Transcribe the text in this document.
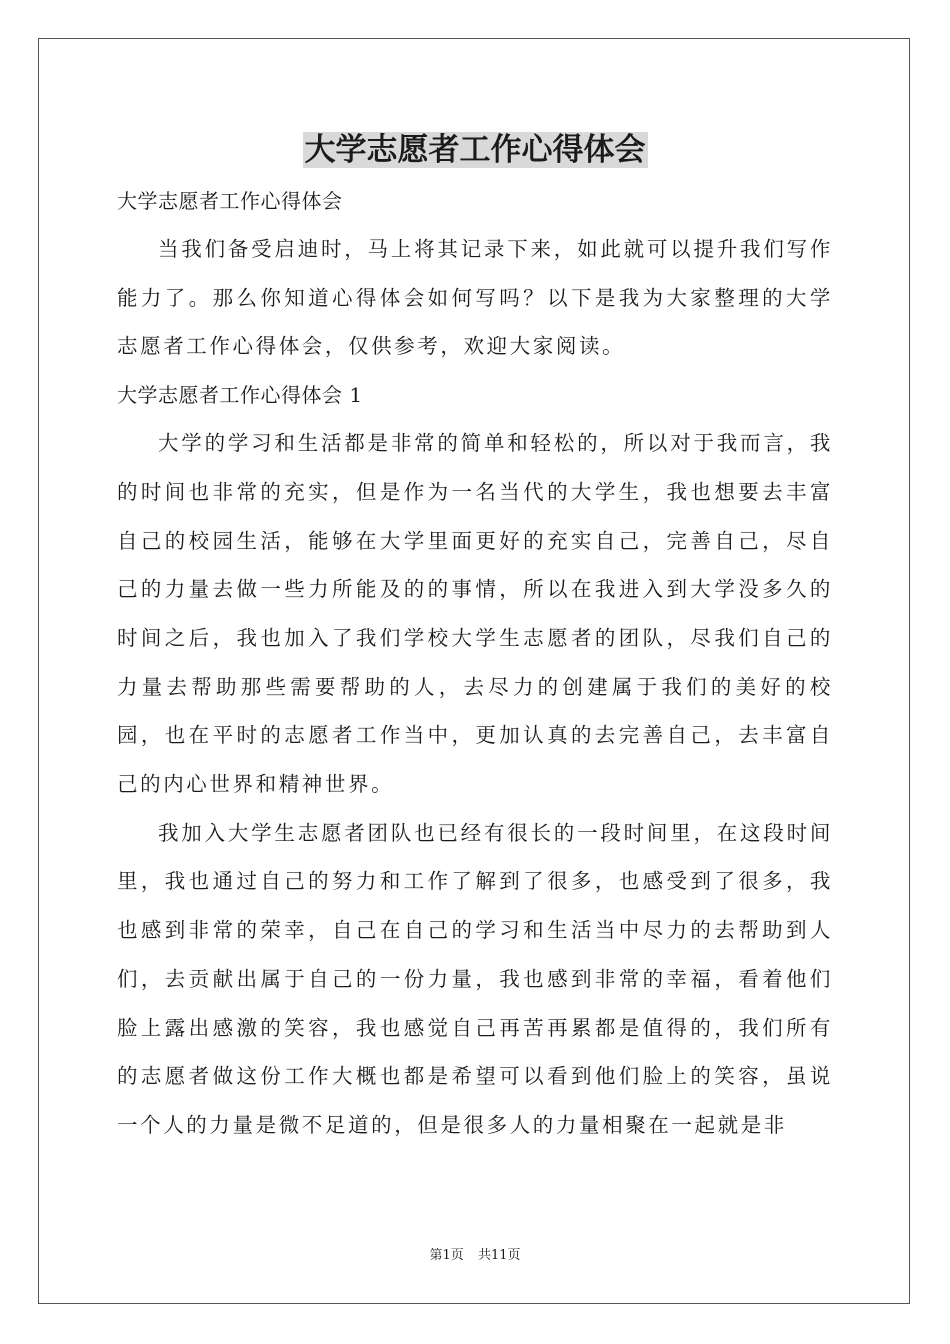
大学志愿者工作心得体会
大学志愿者工作心得体会

当我们备受启迪时，马上将其记录下来，如此就可以提升我们写作能力了。那么你知道心得体会如何写吗？以下是我为大家整理的大学志愿者工作心得体会，仅供参考，欢迎大家阅读。

大学志愿者工作心得体会 1

大学的学习和生活都是非常的简单和轻松的，所以对于我而言，我的时间也非常的充实，但是作为一名当代的大学生，我也想要去丰富自己的校园生活，能够在大学里面更好的充实自己，完善自己，尽自己的力量去做一些力所能及的的事情，所以在我进入到大学没多久的时间之后，我也加入了我们学校大学生志愿者的团队，尽我们自己的力量去帮助那些需要帮助的人，去尽力的创建属于我们的美好的校园，也在平时的志愿者工作当中，更加认真的去完善自己，去丰富自己的内心世界和精神世界。

我加入大学生志愿者团队也已经有很长的一段时间里，在这段时间里，我也通过自己的努力和工作了解到了很多，也感受到了很多，我也感到非常的荣幸，自己在自己的学习和生活当中尽力的去帮助到人们，去贡献出属于自己的一份力量，我也感到非常的幸福，看着他们脸上露出感激的笑容，我也感觉自己再苦再累都是值得的，我们所有的志愿者做这份工作大概也都是希望可以看到他们脸上的笑容，虽说一个人的力量是微不足道的，但是很多人的力量相聚在一起就是非

第1页 共11页
